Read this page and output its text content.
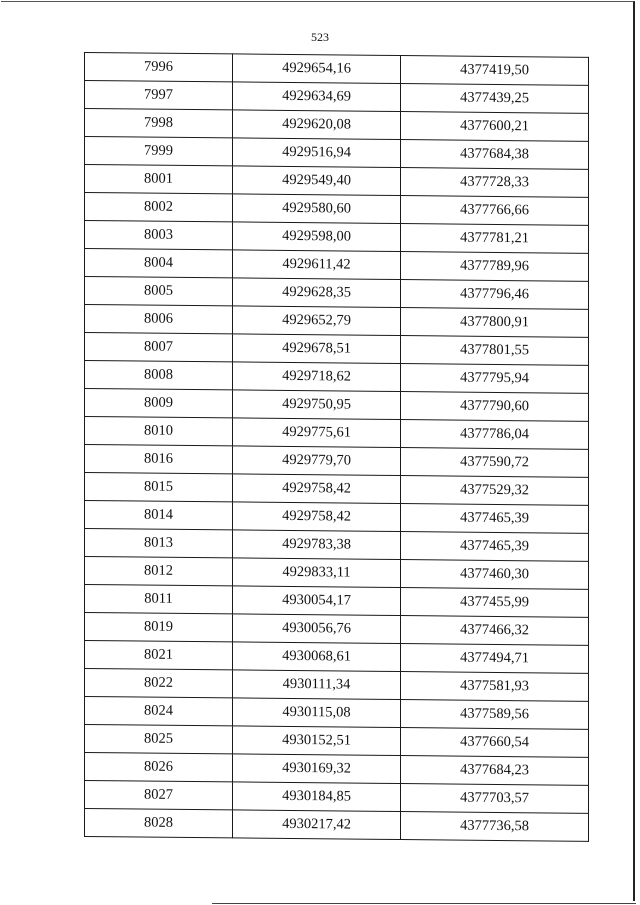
523
7996	4929654,16	4377419,50
7997	4929634,69	4377439,25
7998	4929620,08	4377600,21
7999	4929516,94	4377684,38
8001	4929549,40	4377728,33
8002	4929580,60	4377766,66
8003	4929598,00	4377781,21
8004	4929611,42	4377789,96
8005	4929628,35	4377796,46
8006	4929652,79	4377800,91
8007	4929678,51	4377801,55
8008	4929718,62	4377795,94
8009	4929750,95	4377790,60
8010	4929775,61	4377786,04
8016	4929779,70	4377590,72
8015	4929758,42	4377529,32
8014	4929758,42	4377465,39
8013	4929783,38	4377465,39
8012	4929833,11	4377460,30
8011	4930054,17	4377455,99
8019	4930056,76	4377466,32
8021	4930068,61	4377494,71
8022	4930111,34	4377581,93
8024	4930115,08	4377589,56
8025	4930152,51	4377660,54
8026	4930169,32	4377684,23
8027	4930184,85	4377703,57
8028	4930217,42	4377736,58
